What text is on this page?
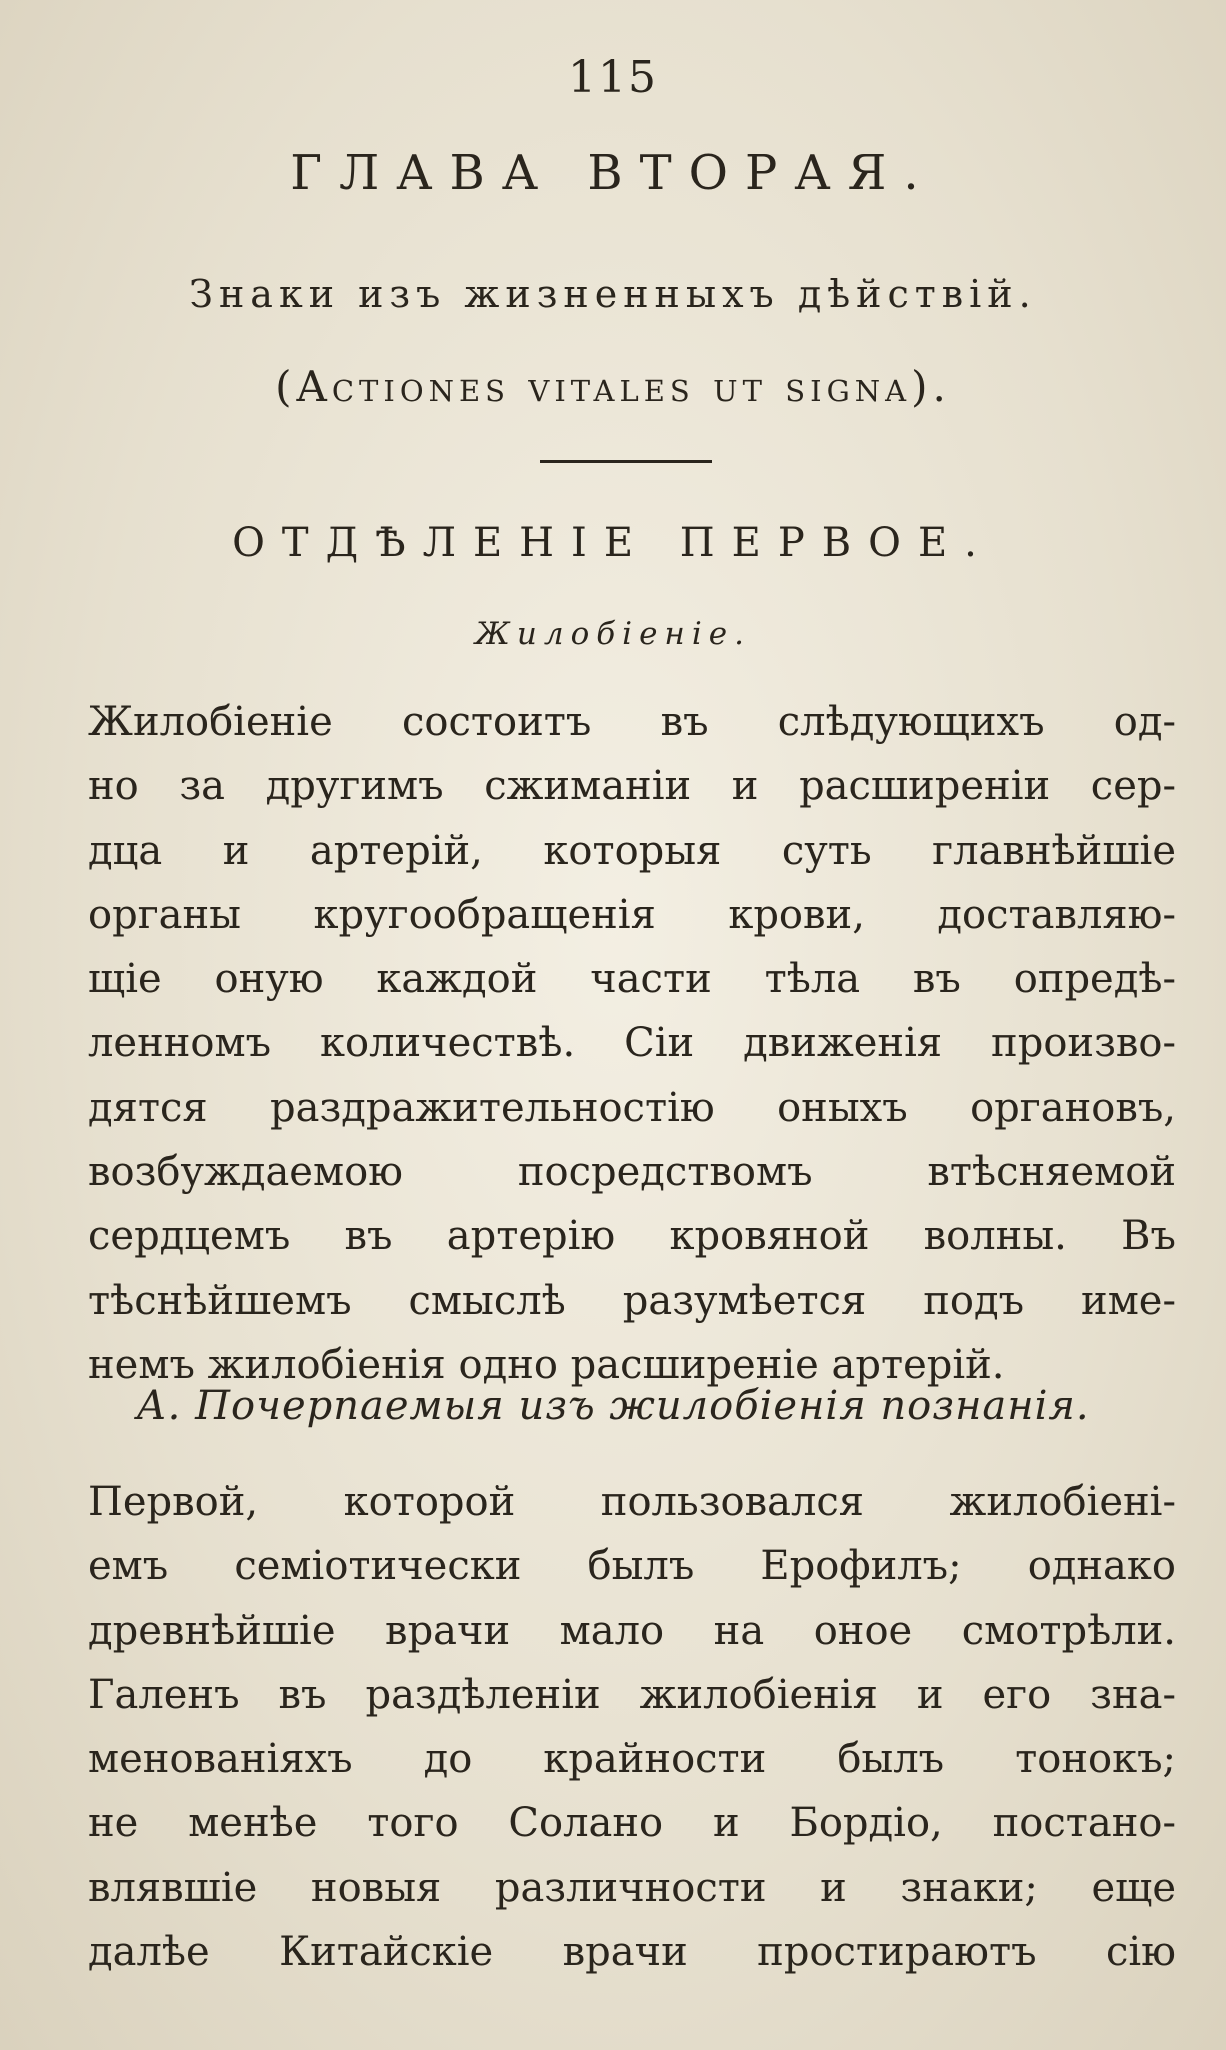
115
ГЛАВА ВТОРАЯ.
Знаки изъ жизненныхъ дѣйствій.
(Actiones vitales ut signa).
ОТДѢЛЕНІЕ ПЕРВОЕ.
Жилобіеніе.
Жилобіеніе состоитъ въ слѣдующихъ од-
но за другимъ сжиманіи и расширеніи сер-
дца и артерій, которыя суть главнѣйшіе
органы кругообращенія крови, доставляю-
щіе оную каждой части тѣла въ опредѣ-
ленномъ количествѣ. Сіи движенія произво-
дятся раздражительностію оныхъ органовъ,
возбуждаемою посредствомъ втѣсняемой
сердцемъ въ артерію кровяной волны. Въ
тѣснѣйшемъ смыслѣ разумѣется подъ име-
немъ жилобіенія одно расширеніе артерій.
А. Почерпаемыя изъ жилобіенія познанія.
Первой, которой пользовался жилобіені-
емъ семіотически былъ Ерофилъ; однако
древнѣйшіе врачи мало на оное смотрѣли.
Галенъ въ раздѣленіи жилобіенія и его зна-
менованіяхъ до крайности былъ тонокъ;
не менѣе того Солано и Бордіо, постано-
влявшіе новыя различности и знаки; еще
далѣе Китайскіе врачи простираютъ сію
